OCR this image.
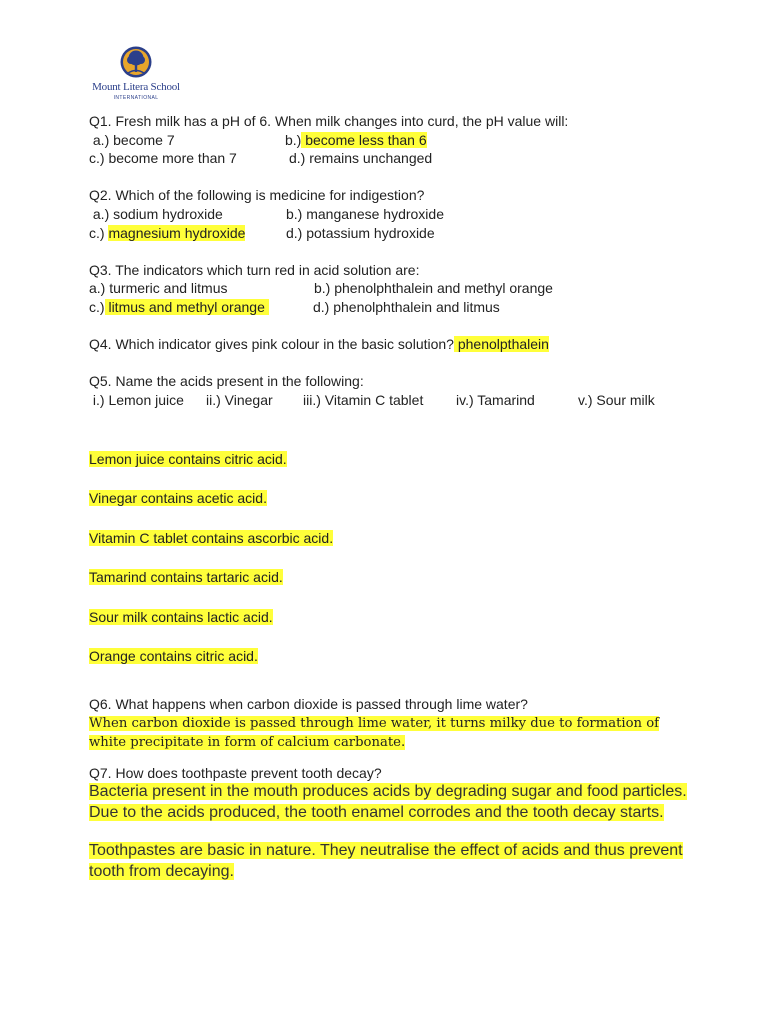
Mount Litera School
INTERNATIONAL
Q1. Fresh milk has a pH of 6. When milk changes into curd, the pH value will:

a.) become 7

	b.) become less than 6

c.) become more than 7

	d.) remains unchanged

Q2. Which of the following is medicine for indigestion?

a.) sodium hydroxide

	b.) manganese hydroxide

c.) magnesium hydroxide

	d.) potassium hydroxide

Q3. The indicators which turn red in acid solution are:

a.) turmeric and litmus

	b.) phenolphthalein and methyl orange

c.) litmus and methyl orange

	d.) phenolphthalein and litmus

Q4. Which indicator gives pink colour in the basic solution? phenolpthalein
Q5. Name the acids present in the following:

i.) Lemon juice

ii.) Vinegar

iii.) Vitamin C tablet

iv.) Tamarind

	v.) Sour milk

Lemon juice contains citric acid.
Vinegar contains acetic acid.
Vitamin C tablet contains ascorbic acid.
Tamarind contains tartaric acid.
Sour milk contains lactic acid.
Orange contains citric acid.
Q6. What happens when carbon dioxide is passed through lime water?
When carbon dioxide is passed through lime water, it turns milky due to formation of
white precipitate in form of calcium carbonate.
Q7. How does toothpaste prevent tooth decay?
Bacteria present in the mouth produces acids by degrading sugar and food particles.
Due to the acids produced, the tooth enamel corrodes and the tooth decay starts.
Toothpastes are basic in nature. They neutralise the effect of acids and thus prevent
tooth from decaying.
